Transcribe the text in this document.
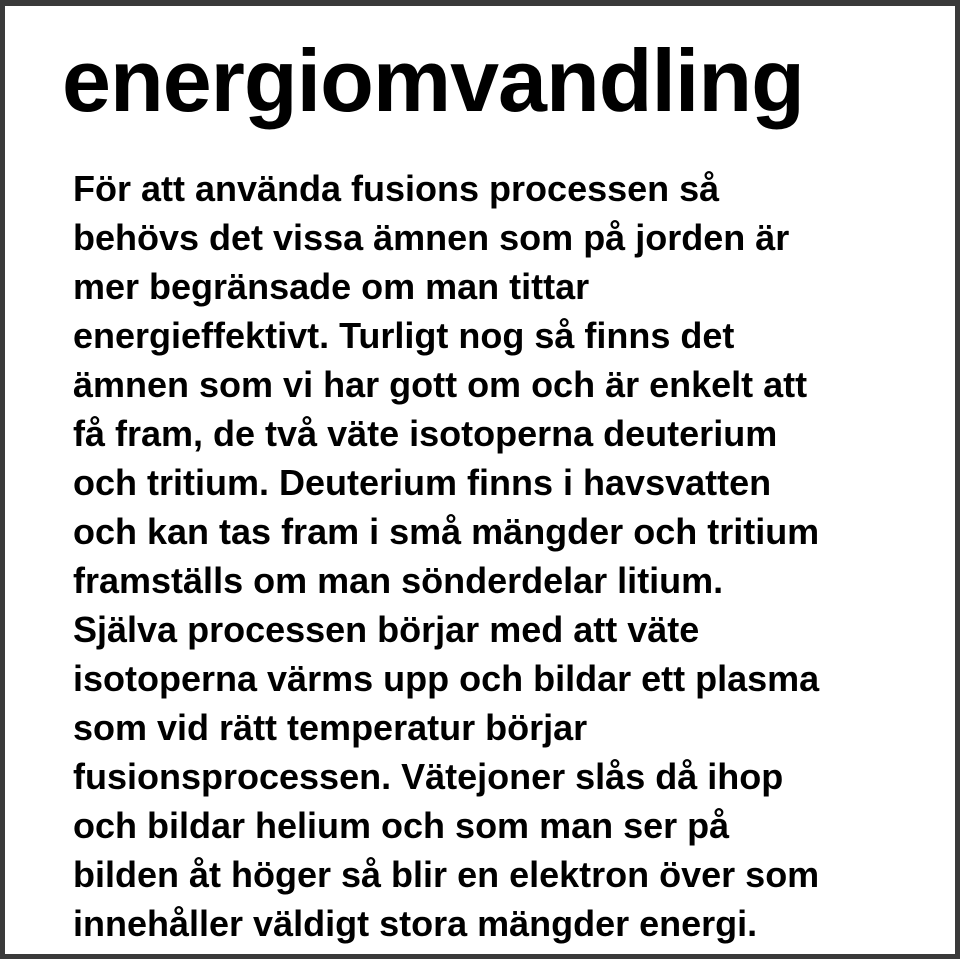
energiomvandling

För att använda fusions processen så
behövs det vissa ämnen som på jorden är
mer begränsade om man tittar
energieffektivt. Turligt nog så finns det
ämnen som vi har gott om och är enkelt att
få fram, de två väte isotoperna deuterium
och tritium. Deuterium finns i havsvatten
och kan tas fram i små mängder och tritium
framställs om man sönderdelar litium.
Själva processen börjar med att väte
isotoperna värms upp och bildar ett plasma
som vid rätt temperatur börjar
fusionsprocessen. Vätejoner slås då ihop
och bildar helium och som man ser på
bilden åt höger så blir en elektron över som
innehåller väldigt stora mängder energi.
